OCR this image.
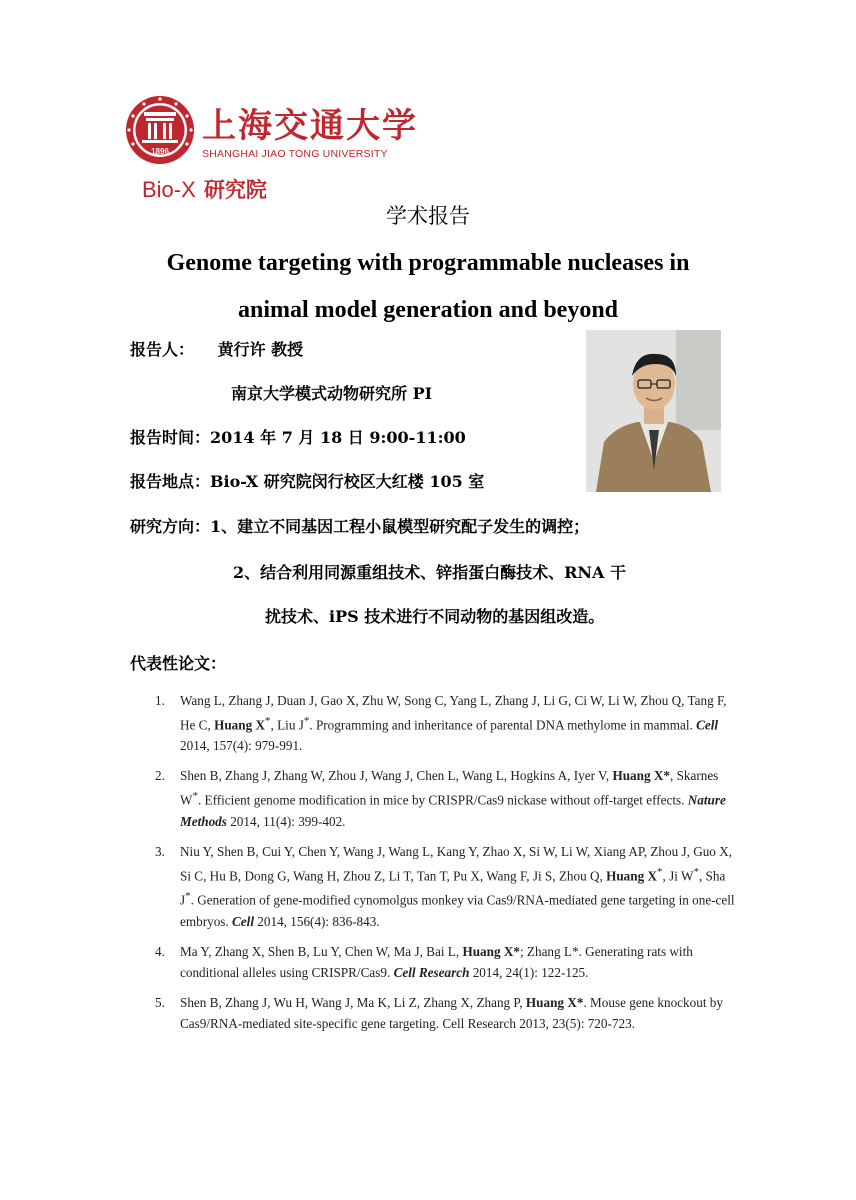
1896
上海交通大学
SHANGHAI JIAO TONG UNIVERSITY
Bio-X 研究院
学术报告
Genome targeting with programmable nucleases in
animal model generation and beyond
报告人： 黄行许 教授
南京大学模式动物研究所 PI
报告时间：2014 年 7 月 18 日 9:00-11:00
报告地点：Bio-X 研究院闵行校区大红楼 105 室
研究方向：1、建立不同基因工程小鼠模型研究配子发生的调控；
2、结合利用同源重组技术、锌指蛋白酶技术、RNA 干
扰技术、iPS 技术进行不同动物的基因组改造。
代表性论文：
1. Wang L, Zhang J, Duan J, Gao X, Zhu W, Song C, Yang L, Zhang J, Li G, Ci W, Li W, Zhou Q, Tang F, He C, Huang X*, Liu J*. Programming and inheritance of parental DNA methylome in mammal. Cell 2014, 157(4): 979-991.
2. Shen B, Zhang J, Zhang W, Zhou J, Wang J, Chen L, Wang L, Hogkins A, Iyer V, Huang X*, Skarnes W*. Efficient genome modification in mice by CRISPR/Cas9 nickase without off-target effects. Nature Methods 2014, 11(4): 399-402.
3. Niu Y, Shen B, Cui Y, Chen Y, Wang J, Wang L, Kang Y, Zhao X, Si W, Li W, Xiang AP, Zhou J, Guo X, Si C, Hu B, Dong G, Wang H, Zhou Z, Li T, Tan T, Pu X, Wang F, Ji S, Zhou Q, Huang X*, Ji W*, Sha J*. Generation of gene-modified cynomolgus monkey via Cas9/RNA-mediated gene targeting in one-cell embryos. Cell 2014, 156(4): 836-843.
4. Ma Y, Zhang X, Shen B, Lu Y, Chen W, Ma J, Bai L, Huang X*; Zhang L*. Generating rats with conditional alleles using CRISPR/Cas9. Cell Research 2014, 24(1): 122-125.
5. Shen B, Zhang J, Wu H, Wang J, Ma K, Li Z, Zhang X, Zhang P, Huang X*. Mouse gene knockout by Cas9/RNA-mediated site-specific gene targeting. Cell Research 2013, 23(5): 720-723.
